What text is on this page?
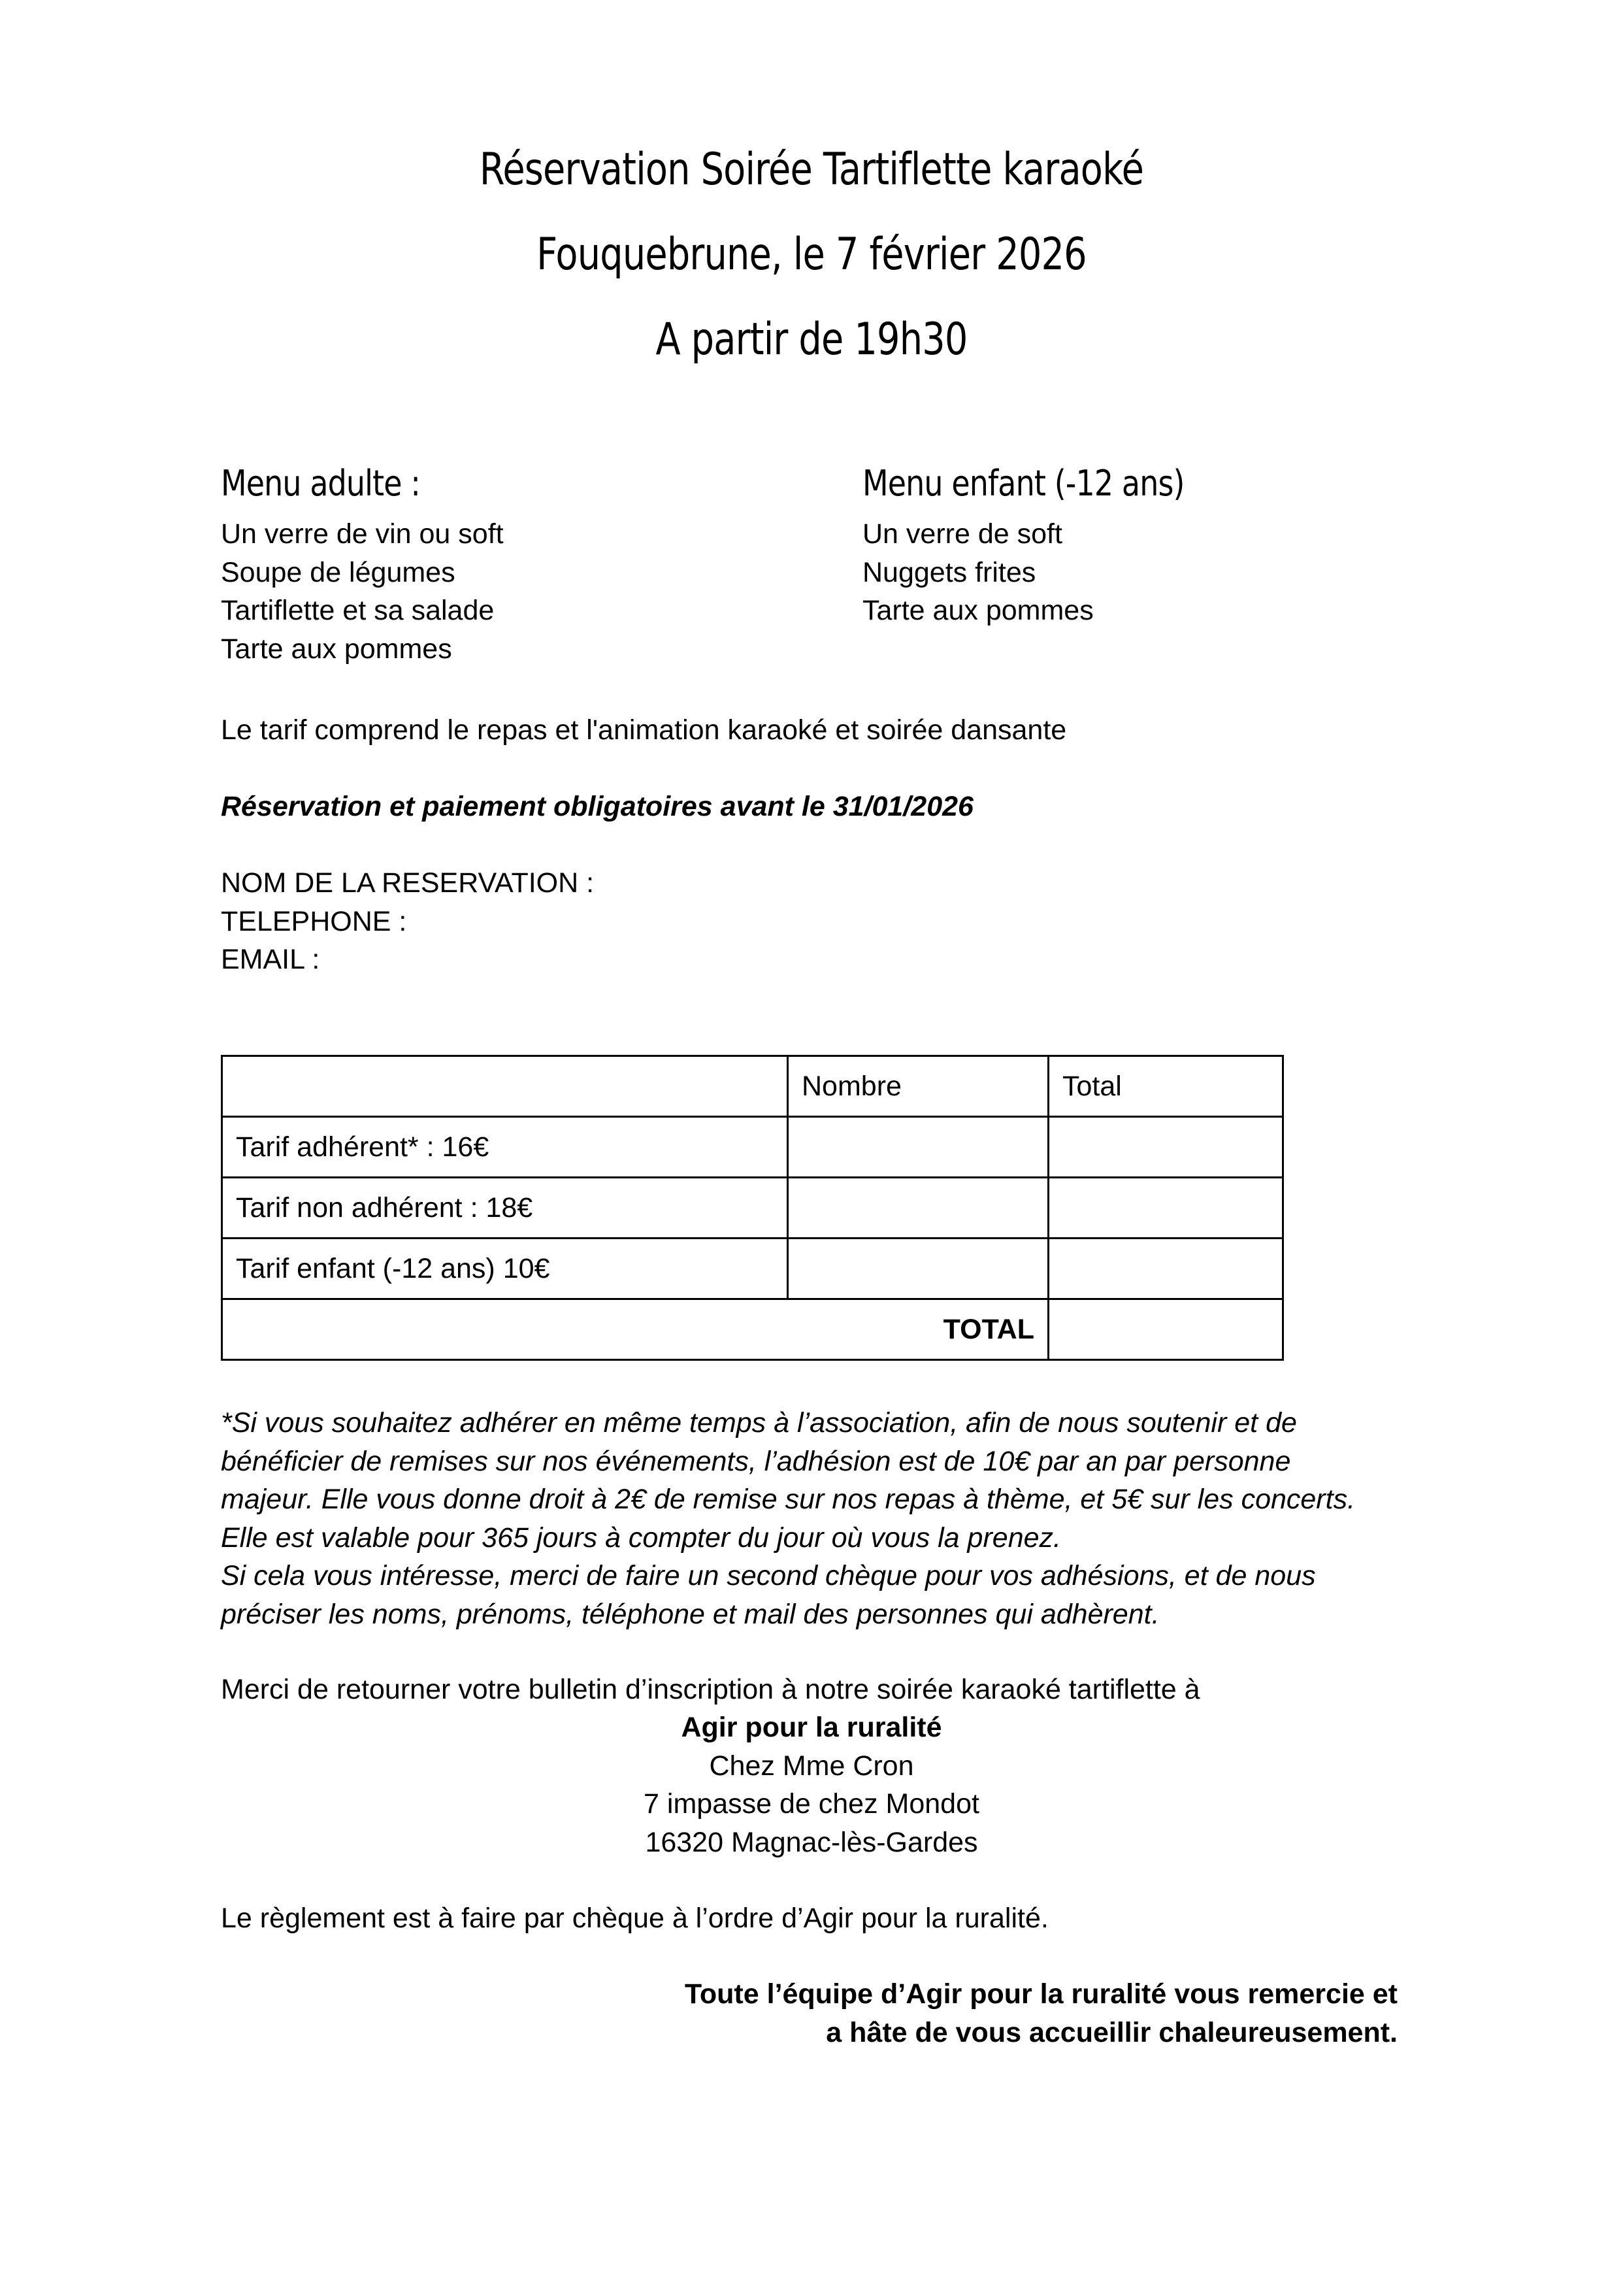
Réservation Soirée Tartiflette karaoké
Fouquebrune, le 7 février 2026
A partir de 19h30
Menu adulte :
Un verre de vin ou soft
Soupe de légumes
Tartiflette et sa salade
Tarte aux pommes
Menu enfant (-12 ans)
Un verre de soft
Nuggets frites
Tarte aux pommes
Le tarif comprend le repas et l'animation karaoké et soirée dansante
Réservation et paiement obligatoires avant le 31/01/2026
NOM DE LA RESERVATION :
TELEPHONE :
EMAIL :
	Nombre	Total
Tarif adhérent* : 16€		
Tarif non adhérent : 18€		
Tarif enfant (-12 ans) 10€		
TOTAL		
*Si vous souhaitez adhérer en même temps à l’association, afin de nous soutenir et de
bénéficier de remises sur nos événements, l’adhésion est de 10€ par an par personne
majeur. Elle vous donne droit à 2€ de remise sur nos repas à thème, et 5€ sur les concerts.
Elle est valable pour 365 jours à compter du jour où vous la prenez.
Si cela vous intéresse, merci de faire un second chèque pour vos adhésions, et de nous
préciser les noms, prénoms, téléphone et mail des personnes qui adhèrent.
Merci de retourner votre bulletin d’inscription à notre soirée karaoké tartiflette à
Agir pour la ruralité
Chez Mme Cron
7 impasse de chez Mondot
16320 Magnac-lès-Gardes
Le règlement est à faire par chèque à l’ordre d’Agir pour la ruralité.
Toute l’équipe d’Agir pour la ruralité vous remercie et
a hâte de vous accueillir chaleureusement.
